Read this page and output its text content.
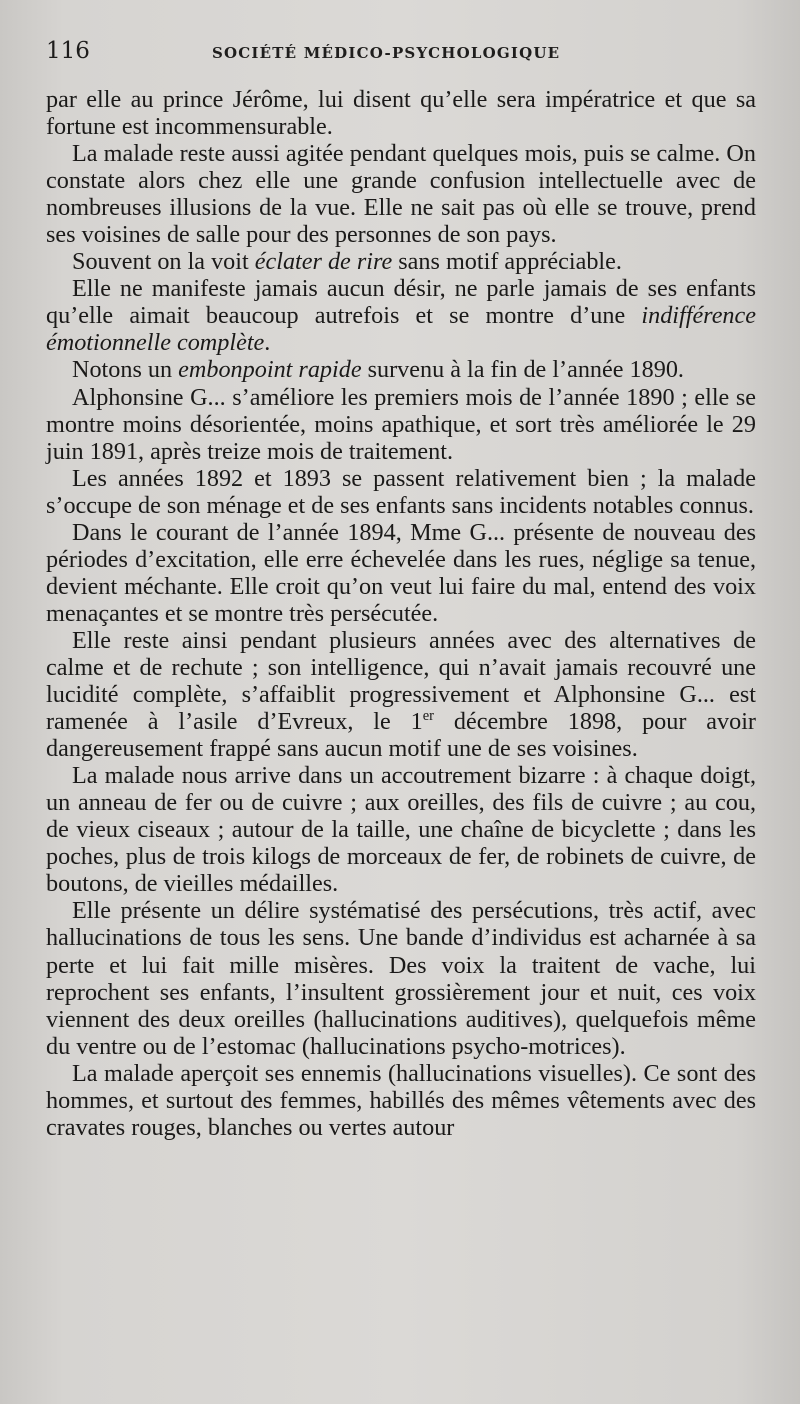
116	SOCIÉTÉ MÉDICO-PSYCHOLOGIQUE

par elle au prince Jérôme, lui disent qu’elle sera impératrice et que sa fortune est incommensurable.

La malade reste aussi agitée pendant quelques mois, puis se calme. On constate alors chez elle une grande confusion intellectuelle avec de nombreuses illusions de la vue. Elle ne sait pas où elle se trouve, prend ses voisines de salle pour des personnes de son pays.

Souvent on la voit éclater de rire sans motif appréciable.

Elle ne manifeste jamais aucun désir, ne parle jamais de ses enfants qu’elle aimait beaucoup autrefois et se montre d’une indifférence émotionnelle complète.

Notons un embonpoint rapide survenu à la fin de l’année 1890.

Alphonsine G... s’améliore les premiers mois de l’année 1890 ; elle se montre moins désorientée, moins apathique, et sort très améliorée le 29 juin 1891, après treize mois de traitement.

Les années 1892 et 1893 se passent relativement bien ; la malade s’occupe de son ménage et de ses enfants sans incidents notables connus.

Dans le courant de l’année 1894, Mme G... présente de nouveau des périodes d’excitation, elle erre échevelée dans les rues, néglige sa tenue, devient méchante. Elle croit qu’on veut lui faire du mal, entend des voix menaçantes et se montre très persécutée.

Elle reste ainsi pendant plusieurs années avec des alternatives de calme et de rechute ; son intelligence, qui n’avait jamais recouvré une lucidité complète, s’affaiblit progressivement et Alphonsine G... est ramenée à l’asile d’Evreux, le 1er décembre 1898, pour avoir dangereusement frappé sans aucun motif une de ses voisines.

La malade nous arrive dans un accoutrement bizarre : à chaque doigt, un anneau de fer ou de cuivre ; aux oreilles, des fils de cuivre ; au cou, de vieux ciseaux ; autour de la taille, une chaîne de bicyclette ; dans les poches, plus de trois kilogs de morceaux de fer, de robinets de cuivre, de boutons, de vieilles médailles.

Elle présente un délire systématisé des persécutions, très actif, avec hallucinations de tous les sens. Une bande d’individus est acharnée à sa perte et lui fait mille misères. Des voix la traitent de vache, lui reprochent ses enfants, l’insultent grossièrement jour et nuit, ces voix viennent des deux oreilles (hallucinations auditives), quelquefois même du ventre ou de l’estomac (hallucinations psycho-motrices).

La malade aperçoit ses ennemis (hallucinations visuelles). Ce sont des hommes, et surtout des femmes, habillés des mêmes vêtements avec des cravates rouges, blanches ou vertes autour
